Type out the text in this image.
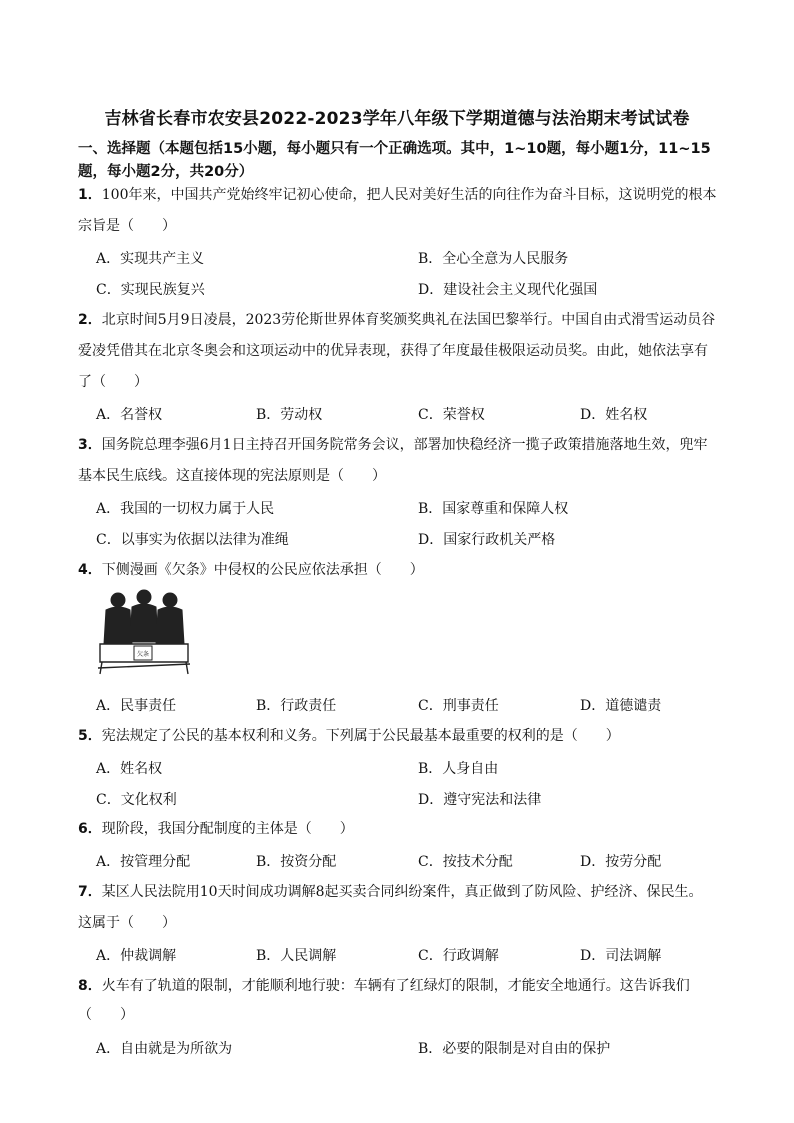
吉林省长春市农安县2022-2023学年八年级下学期道德与法治期末考试试卷
一、选择题（本题包括15小题，每小题只有一个正确选项。其中，1~10题，每小题1分，11~15
题，每小题2分，共20分）
1．100年来，中国共产党始终牢记初心使命，把人民对美好生活的向往作为奋斗目标，这说明党的根本
宗旨是（　　）
A．实现共产主义	B．全心全意为人民服务
C．实现民族复兴	D．建设社会主义现代化强国
2．北京时间5月9日凌晨，2023劳伦斯世界体育奖颁奖典礼在法国巴黎举行。中国自由式滑雪运动员谷
爱凌凭借其在北京冬奥会和这项运动中的优异表现，获得了年度最佳极限运动员奖。由此，她依法享有
了（　　）
A．名誉权	B．劳动权	C．荣誉权	D．姓名权
3．国务院总理李强6月1日主持召开国务院常务会议，部署加快稳经济一揽子政策措施落地生效，兜牢
基本民生底线。这直接体现的宪法原则是（　　）
A．我国的一切权力属于人民	B．国家尊重和保障人权
C．以事实为依据以法律为准绳	D．国家行政机关严格
4．下侧漫画《欠条》中侵权的公民应依法承担（　　）
欠条
A．民事责任	B．行政责任	C．刑事责任	D．道德谴责
5．宪法规定了公民的基本权利和义务。下列属于公民最基本最重要的权利的是（　　）
A．姓名权	B．人身自由
C．文化权利	D．遵守宪法和法律
6．现阶段，我国分配制度的主体是（　　）
A．按管理分配	B．按资分配	C．按技术分配	D．按劳分配
7．某区人民法院用10天时间成功调解8起买卖合同纠纷案件，真正做到了防风险、护经济、保民生。
这属于（　　）
A．仲裁调解	B．人民调解	C．行政调解	D．司法调解
8．火车有了轨道的限制，才能顺利地行驶：车辆有了红绿灯的限制，才能安全地通行。这告诉我们
（　　）
A．自由就是为所欲为	B．必要的限制是对自由的保护
